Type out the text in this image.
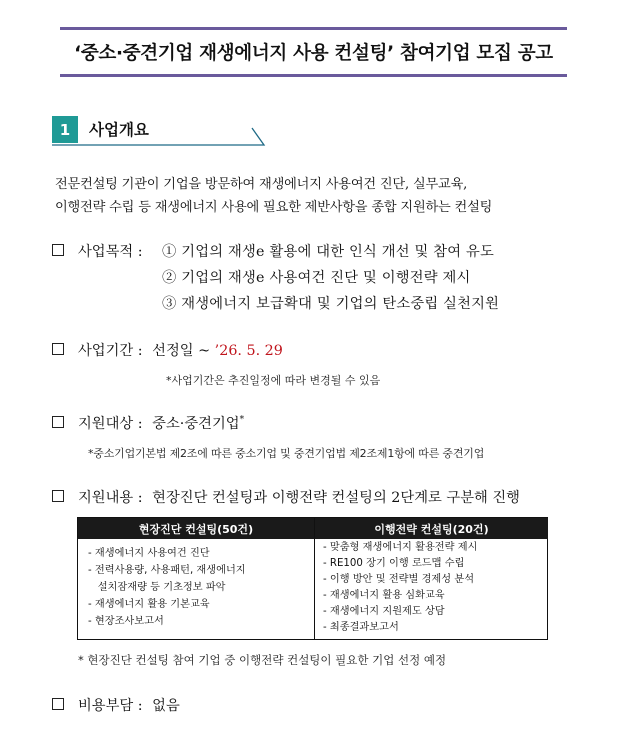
‘중소·중견기업 재생에너지 사용 컨설팅’ 참여기업 모집 공고
1	사업개요
전문컨설팅 기관이 기업을 방문하여 재생에너지 사용여건 진단, 실무교육,
이행전략 수립 등 재생에너지 사용에 필요한 제반사항을 종합 지원하는 컨설팅
사업목적 : ① 기업의 재생e 활용에 대한 인식 개선 및 참여 유도
② 기업의 재생e 사용여건 진단 및 이행전략 제시
③ 재생에너지 보급확대 및 기업의 탄소중립 실천지원
사업기간 : 선정일 ~ ’26. 5. 29
*사업기간은 추진일정에 따라 변경될 수 있음
지원대상 : 중소·중견기업*
*중소기업기본법 제2조에 따른 중소기업 및 중견기업법 제2조제1항에 따른 중견기업
지원내용 : 현장진단 컨설팅과 이행전략 컨설팅의 2단계로 구분해 진행
현장진단 컨설팅(50건)	이행전략 컨설팅(20건)
- 재생에너지 사용여건 진단
- 전력사용량, 사용패턴, 재생에너지
설치잠재량 등 기초정보 파악
- 재생에너지 활용 기본교육
- 현장조사보고서
- 맞춤형 재생에너지 활용전략 제시
- RE100 장기 이행 로드맵 수립
- 이행 방안 및 전략별 경제성 분석
- 재생에너지 활용 심화교육
- 재생에너지 지원제도 상담
- 최종결과보고서
* 현장진단 컨설팅 참여 기업 중 이행전략 컨설팅이 필요한 기업 선정 예정
비용부담 : 없음
